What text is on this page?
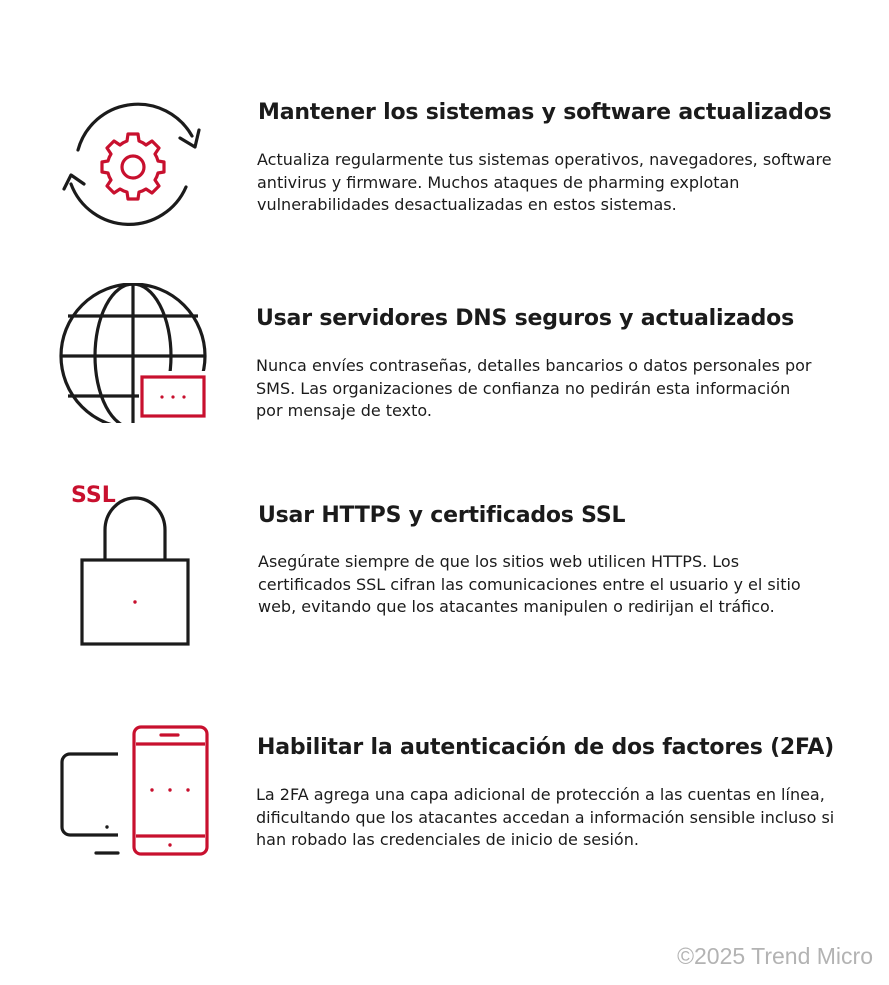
Mantener los sistemas y software actualizados

Actualiza regularmente tus sistemas operativos, navegadores, software antivirus y firmware. Muchos ataques de pharming explotan vulnerabilidades desactualizadas en estos sistemas.

Usar servidores DNS seguros y actualizados

Nunca envíes contraseñas, detalles bancarios o datos personales por SMS. Las organizaciones de confianza no pedirán esta información por mensaje de texto.

SSL
Usar HTTPS y certificados SSL

Asegúrate siempre de que los sitios web utilicen HTTPS. Los certificados SSL cifran las comunicaciones entre el usuario y el sitio web, evitando que los atacantes manipulen o redirijan el tráfico.

Habilitar la autenticación de dos factores (2FA)

La 2FA agrega una capa adicional de protección a las cuentas en línea, dificultando que los atacantes accedan a información sensible incluso si han robado las credenciales de inicio de sesión.

©2025 Trend Micro
